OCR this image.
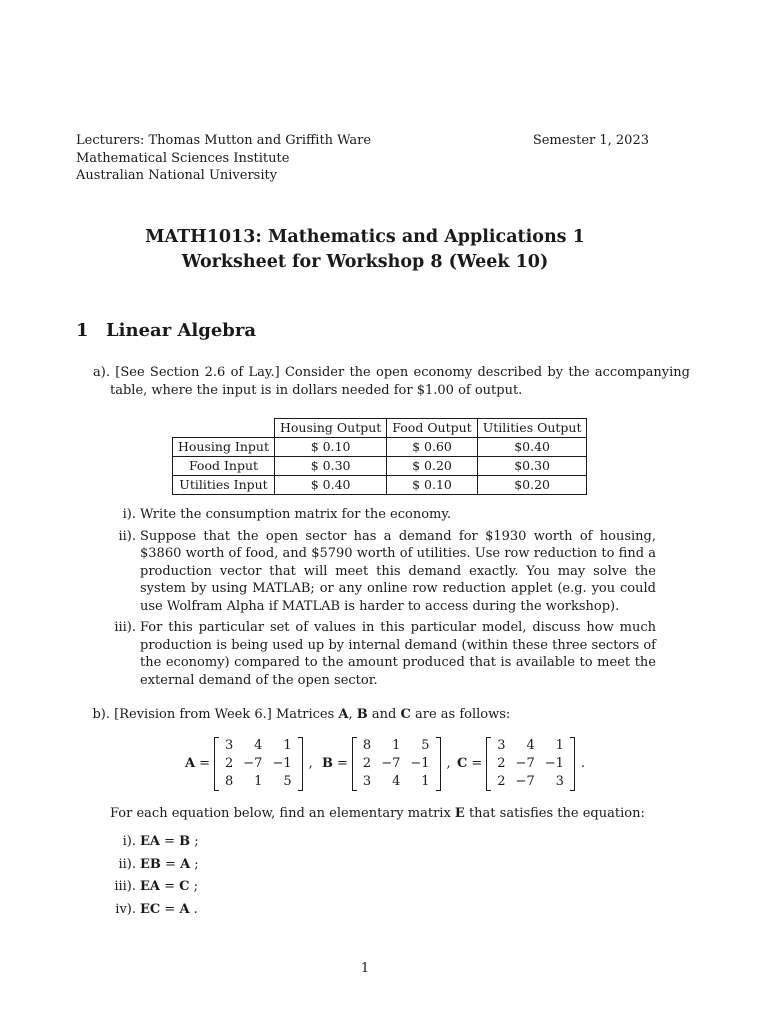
Lecturers: Thomas Mutton and Griffith Ware
Mathematical Sciences Institute
Australian National University
Semester 1, 2023
MATH1013: Mathematics and Applications 1
Worksheet for Workshop 8 (Week 10)
1 Linear Algebra
a). [See Section 2.6 of Lay.] Consider the open economy described by the accompanying table, where the input is in dollars needed for $1.00 of output.
	Housing Output	Food Output	Utilities Output
Housing Input	$ 0.10	$ 0.60	$0.40
Food Input	$ 0.30	$ 0.20	$0.30
Utilities Input	$ 0.40	$ 0.10	$0.20
i). Write the consumption matrix for the economy.
ii). Suppose that the open sector has a demand for $1930 worth of housing, $3860 worth of food, and $5790 worth of utilities. Use row reduction to find a production vector that will meet this demand exactly. You may solve the system by using MATLAB; or any online row reduction applet (e.g. you could use Wolfram Alpha if MATLAB is harder to access during the workshop).
iii). For this particular set of values in this particular model, discuss how much production is being used up by internal demand (within these three sectors of the economy) compared to the amount produced that is available to meet the external demand of the open sector.
b). [Revision from Week 6.] Matrices A, B and C are as follows:
A =
3	4	1
2	−7	−1
8	1	5
, B =
8	1	5
2	−7	−1
3	4	1
, C =
3	4	1
2	−7	−1
2	−7	3
.
For each equation below, find an elementary matrix E that satisfies the equation:
i). EA = B ;
ii). EB = A ;
iii). EA = C ;
iv). EC = A .
1
